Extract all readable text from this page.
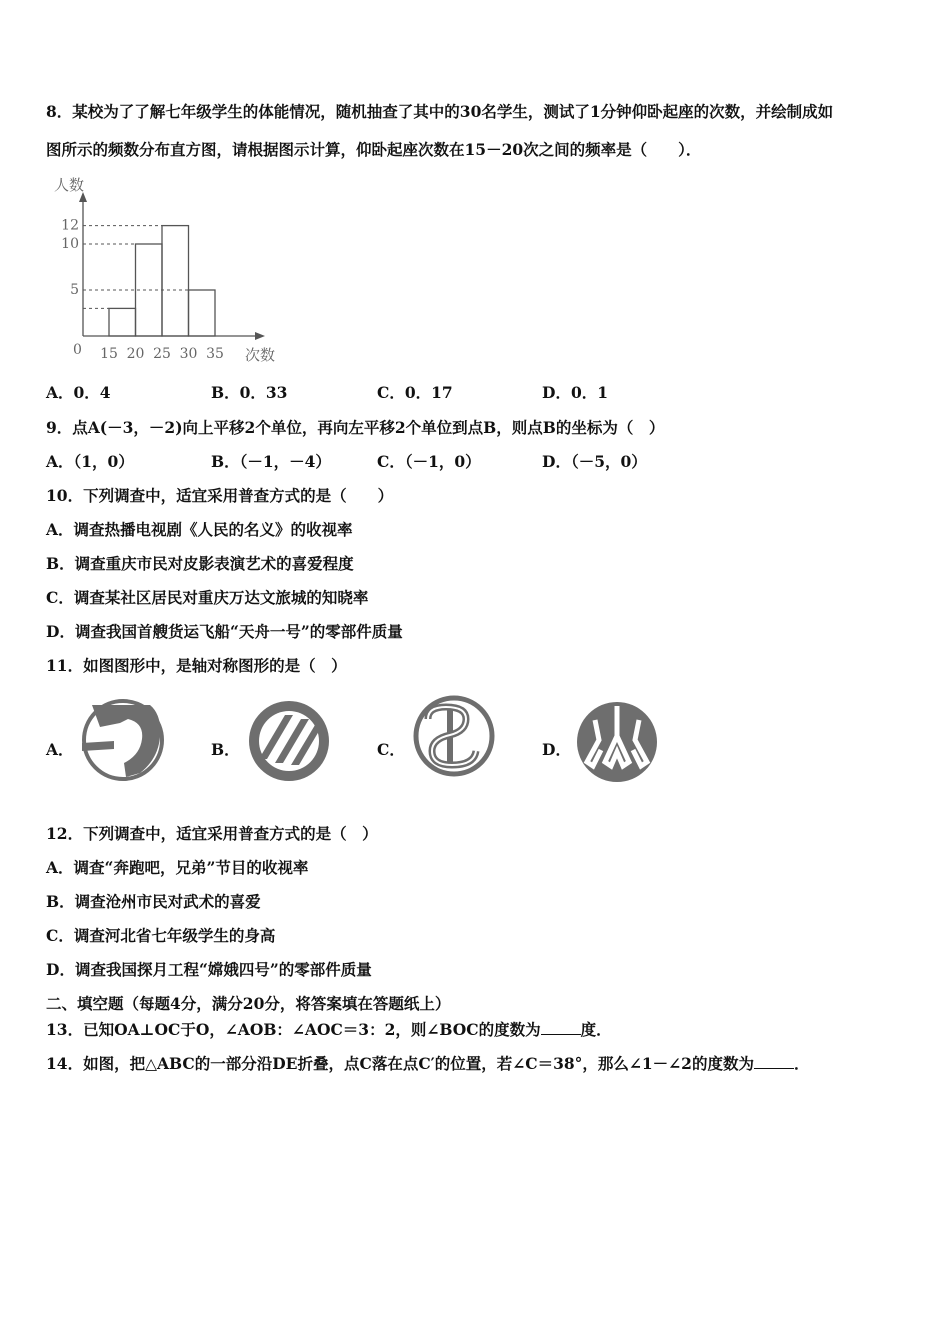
8．某校为了了解七年级学生的体能情况，随机抽查了其中的30名学生，测试了1分钟仰卧起座的次数，并绘制成如
图所示的频数分布直方图，请根据图示计算，仰卧起座次数在15－20次之间的频率是（　　）．
人数
次数
0
12
10
5
15 20 25 30 35
A．0．4	B．0．33	C．0．17	D．0．1
9．点A(－3，－2)向上平移2个单位，再向左平移2个单位到点B，则点B的坐标为（　）
A．（1，0）	B．（－1，－4）	C．（－1，0）	D．（－5，0）
10．下列调查中，适宜采用普查方式的是（　　）
A．调查热播电视剧《人民的名义》的收视率
B．调查重庆市民对皮影表演艺术的喜爱程度
C．调查某社区居民对重庆万达文旅城的知晓率
D．调查我国首艘货运飞船“天舟一号”的零部件质量
11．如图图形中，是轴对称图形的是（　）
A．	B．	C．	D．
12．下列调查中，适宜采用普查方式的是（　）
A．调查“奔跑吧，兄弟”节目的收视率
B．调查沧州市民对武术的喜爱
C．调查河北省七年级学生的身高
D．调查我国探月工程“嫦娥四号”的零部件质量
二、填空题（每题4分，满分20分，将答案填在答题纸上）
13．已知OA⊥OC于O，∠AOB：∠AOC＝3：2，则∠BOC的度数为	度．
14．如图，把△ABC的一部分沿DE折叠，点C落在点C′的位置，若∠C＝38°，那么∠1－∠2的度数为	．
